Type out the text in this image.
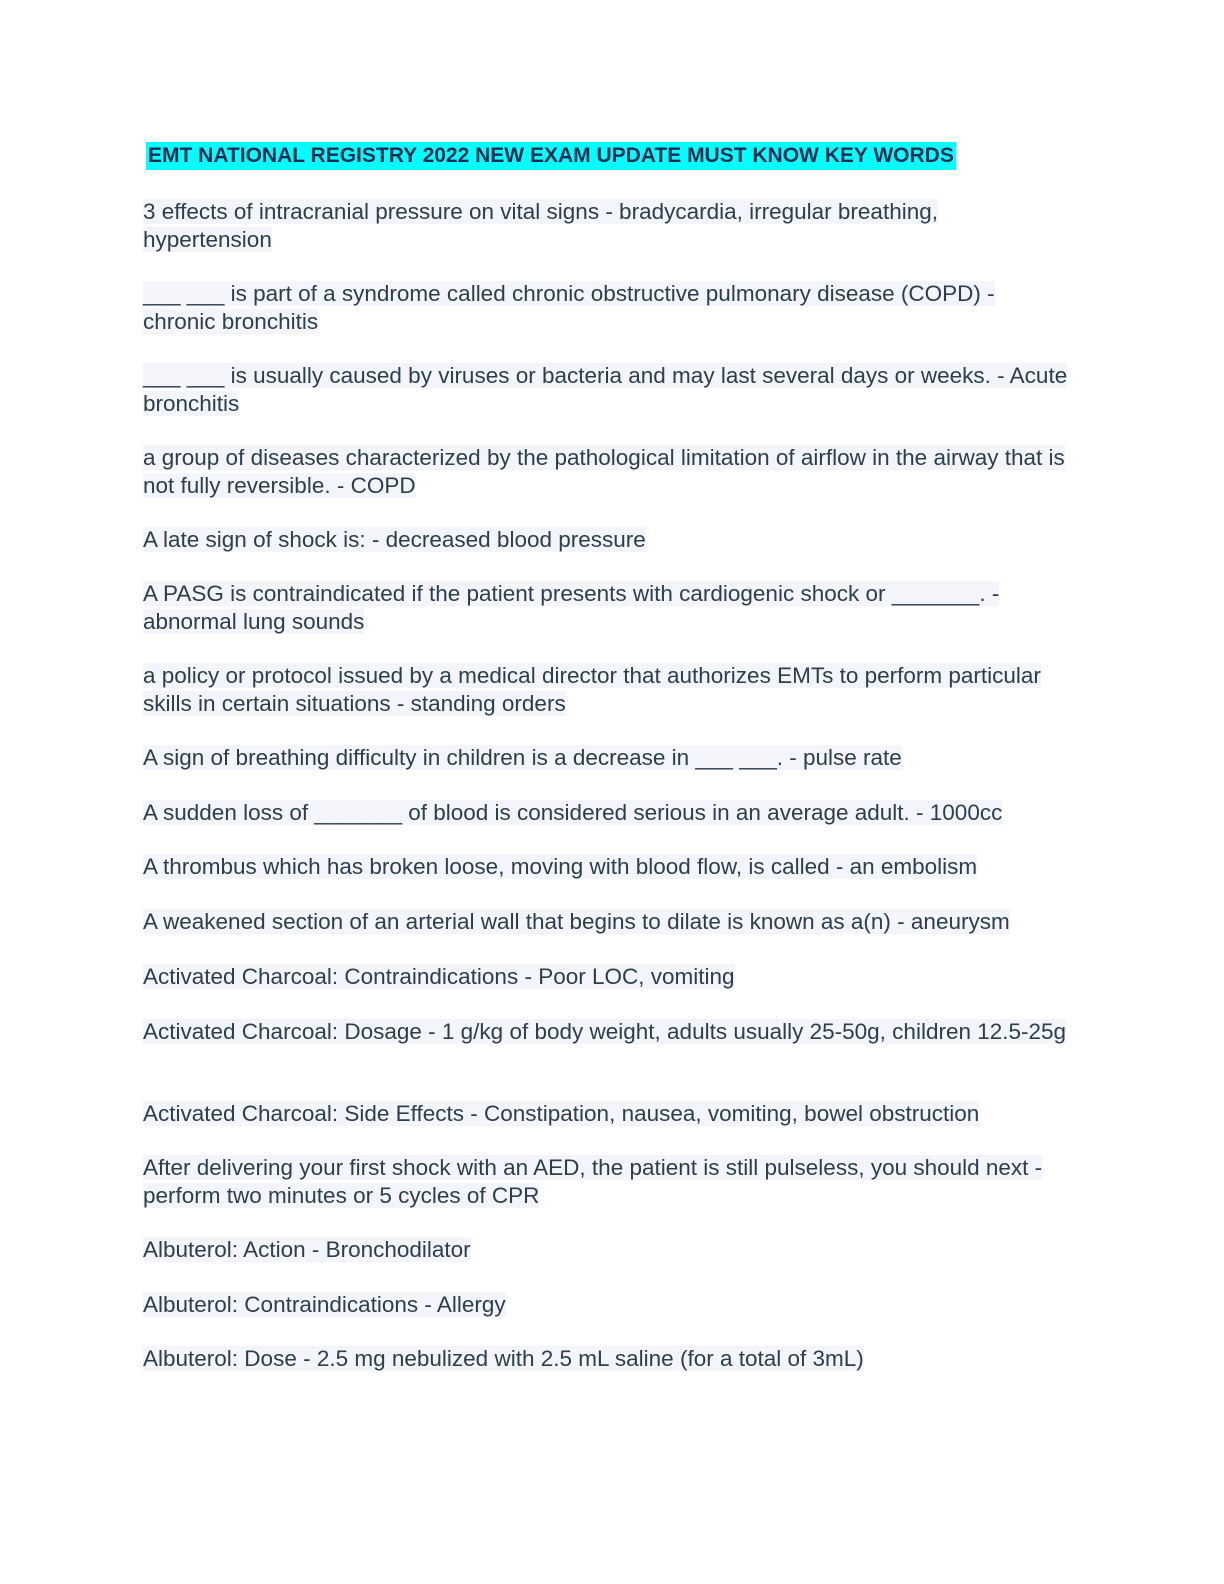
EMT NATIONAL REGISTRY 2022 NEW EXAM UPDATE MUST KNOW KEY WORDS
3 effects of intracranial pressure on vital signs - bradycardia, irregular breathing, hypertension
___ ___ is part of a syndrome called chronic obstructive pulmonary disease (COPD) - chronic bronchitis
___ ___ is usually caused by viruses or bacteria and may last several days or weeks. - Acute bronchitis
a group of diseases characterized by the pathological limitation of airflow in the airway that is not fully reversible. - COPD
A late sign of shock is: - decreased blood pressure
A PASG is contraindicated if the patient presents with cardiogenic shock or _______. - abnormal lung sounds
a policy or protocol issued by a medical director that authorizes EMTs to perform particular skills in certain situations - standing orders
A sign of breathing difficulty in children is a decrease in ___ ___. - pulse rate
A sudden loss of _______ of blood is considered serious in an average adult. - 1000cc
A thrombus which has broken loose, moving with blood flow, is called - an embolism
A weakened section of an arterial wall that begins to dilate is known as a(n) - aneurysm
Activated Charcoal: Contraindications - Poor LOC, vomiting
Activated Charcoal: Dosage - 1 g/kg of body weight, adults usually 25-50g, children 12.5-25g
Activated Charcoal: Side Effects - Constipation, nausea, vomiting, bowel obstruction
After delivering your first shock with an AED, the patient is still pulseless, you should next - perform two minutes or 5 cycles of CPR
Albuterol: Action - Bronchodilator
Albuterol: Contraindications - Allergy
Albuterol: Dose - 2.5 mg nebulized with 2.5 mL saline (for a total of 3mL)
